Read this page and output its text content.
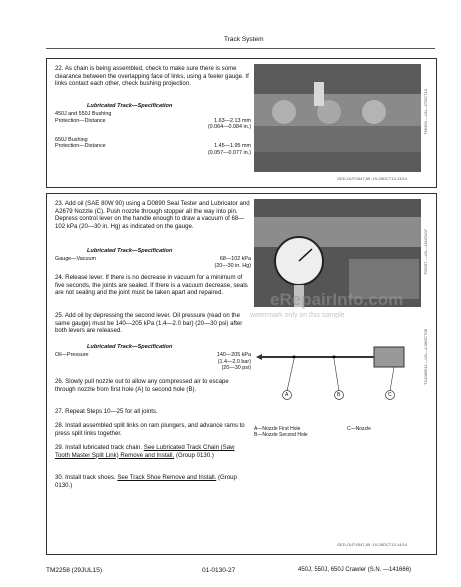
Track System
22. As chain is being assembled, check to make sure there is some clearance between the overlapping face of links, using a feeler gauge. If links contact each other, check bushing projection.
Lubricated Track—Specification
450J and 550J Bushing
Protection—Distance	1.63—2.13 mm
(0.064—0.084 in.)
650J Bushing
Protection—Distance	1.45—1.95 mm
(0.057—0.077 in.)
T66364 —UN—27OCT10
OED,OUTX547,89 -19-28OCT13-13/14
23. Add oil (SAE 80W 90) using a D0890 Seal Tester and Lubricator and A2679 Nozzle (C). Push nozzle through stopper all the way into pin. Depress control lever on the handle enough to draw a vacuum of 68—102 kPa (20—30 in. Hg) as indicated on the gauge.
Lubricated Track—Specification
Gauge—Vacuum	68—102 kPa
(20—30 in. Hg)
24. Release lever. If there is no decrease in vacuum for a minimum of five seconds, the joints are sealed. If there is a vacuum decrease, seals are not sealing and the joint must be taken apart and repaired.
25. Add oil by depressing the second lever. Oil pressure (read on the same gauge) must be 140—205 kPa (1.4—2.0 bar) (20—30 psi) after both levers are released.
Lubricated Track—Specification
Oil—Pressure	140—205 kPa
(1.4—2.0 bar)
(20—30 psi)
26. Slowly pull nozzle out to allow any compressed air to escape through nozzle from first hole (A) to second hole (B).
27. Repeat Steps 10—25 for all joints.
28. Install assembled split links on ram plungers, and advance rams to press split links together.
29. Install lubricated track chain. See Lubricated Track Chain (Saw Tooth Master Split Link) Remove and Install. (Group 0130.)
30. Install track shoes. See Track Shoe Remove and Install. (Group 0130.)
T65267 —UN—19NOV07
A	B	C
TX1086511 —UN—4 06OCT08
A—Nozzle First Hole
B—Nozzle Second Hole
C—Nozzle
OED,OUTX547,89 -19-28OCT13-14/14
eRepairInfo.com
watermark only on this sample
TM2258 (29JUL15)	01-0130-27	450J, 550J, 650J Crawler (S.N. —141666)
